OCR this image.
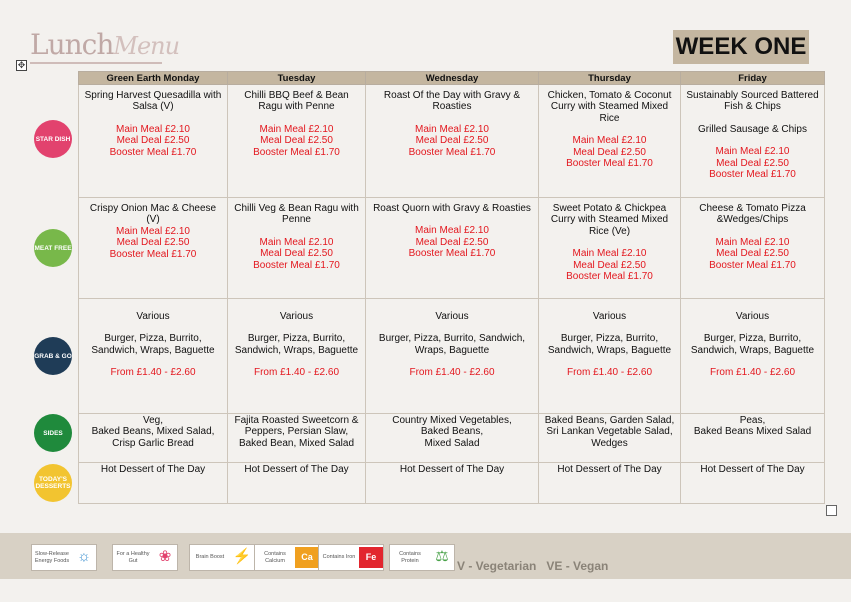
LunchMenu	WEEK ONE
✥
Green Earth Monday	Tuesday	Wednesday	Thursday	Friday

Spring Harvest Quesadilla with Salsa (V)
Main Meal £2.10
Meal Deal £2.50
Booster Meal £1.70	Chilli BBQ Beef & Bean Ragu with Penne
Main Meal £2.10
Meal Deal £2.50
Booster Meal £1.70	Roast Of the Day with Gravy & Roasties
Main Meal £2.10
Meal Deal £2.50
Booster Meal £1.70	Chicken, Tomato & Coconut Curry with Steamed Mixed Rice
Main Meal £2.10
Meal Deal £2.50
Booster Meal £1.70	Sustainably Sourced Battered Fish & Chips
Grilled Sausage & Chips
Main Meal £2.10
Meal Deal £2.50
Booster Meal £1.70

Crispy Onion Mac & Cheese (V)
Main Meal £2.10
Meal Deal £2.50
Booster Meal £1.70	Chilli Veg & Bean Ragu with Penne
Main Meal £2.10
Meal Deal £2.50
Booster Meal £1.70	Roast Quorn with Gravy & Roasties
Main Meal £2.10
Meal Deal £2.50
Booster Meal £1.70	Sweet Potato & Chickpea Curry with Steamed Mixed Rice (Ve)
Main Meal £2.10
Meal Deal £2.50
Booster Meal £1.70	Cheese & Tomato Pizza &Wedges/Chips
Main Meal £2.10
Meal Deal £2.50
Booster Meal £1.70

Various
Burger, Pizza, Burrito, Sandwich, Wraps, Baguette
From £1.40 - £2.60	Various
Burger, Pizza, Burrito, Sandwich, Wraps, Baguette
From £1.40 - £2.60	Various
Burger, Pizza, Burrito, Sandwich, Wraps, Baguette
From £1.40 - £2.60	Various
Burger, Pizza, Burrito, Sandwich, Wraps, Baguette
From £1.40 - £2.60	Various
Burger, Pizza, Burrito, Sandwich, Wraps, Baguette
From £1.40 - £2.60

Veg,
Baked Beans, Mixed Salad,
Crisp Garlic Bread	Fajita Roasted Sweetcorn & Peppers, Persian Slaw, Baked Bean, Mixed Salad	Country Mixed Vegetables,
Baked Beans,
Mixed Salad	Baked Beans, Garden Salad, Sri Lankan Vegetable Salad, Wedges	Peas,
Baked Beans Mixed Salad

Hot Dessert of The Day	Hot Dessert of The Day	Hot Dessert of The Day	Hot Dessert of The Day	Hot Dessert of The Day
STAR DISH
MEAT FREE
GRAB & GO
SIDES
TODAY'S DESSERTS
Slow-Release Energy Foods ☼	For a Healthy Gut	❀	Brain Boost ⚡	Contains Calcium	Ca	Contains Iron	Fe	Contains Protein	⚖
V - Vegetarian   VE - Vegan
